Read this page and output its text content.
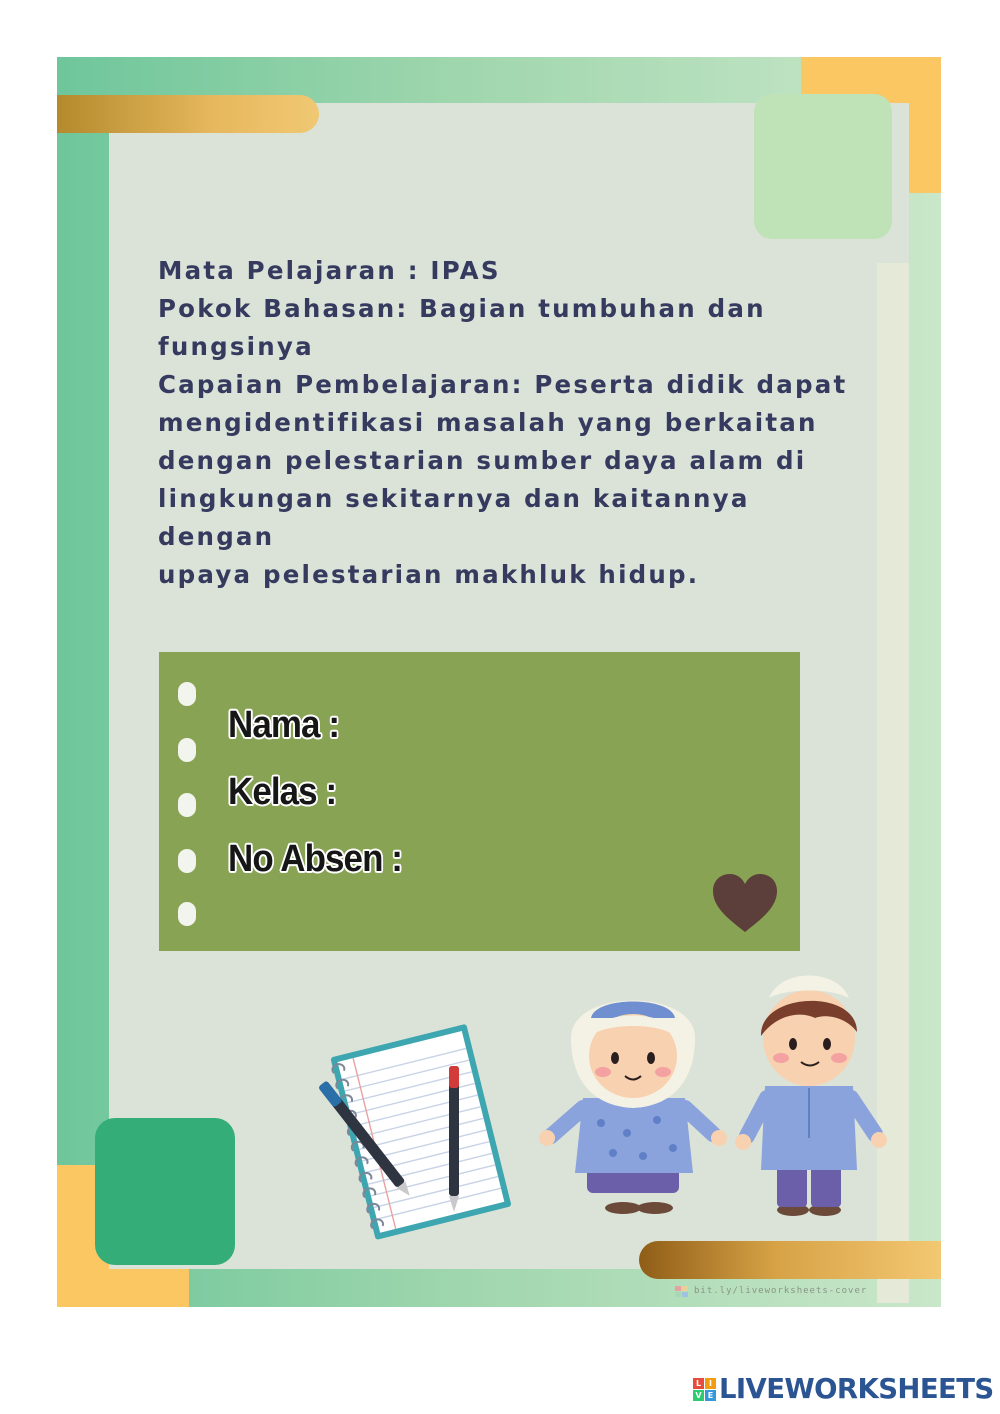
bit.ly/liveworksheets-cover

Mata Pelajaran : IPAS

Pokok Bahasan: Bagian tumbuhan dan

fungsinya

Capaian Pembelajaran: Peserta didik dapat

mengidentifikasi masalah yang berkaitan

dengan pelestarian sumber daya alam di

lingkungan sekitarnya dan kaitannya dengan

upaya pelestarian makhluk hidup.

Nama :
Kelas :
No Absen :
L I
V E LIVEWORKSHEETS
